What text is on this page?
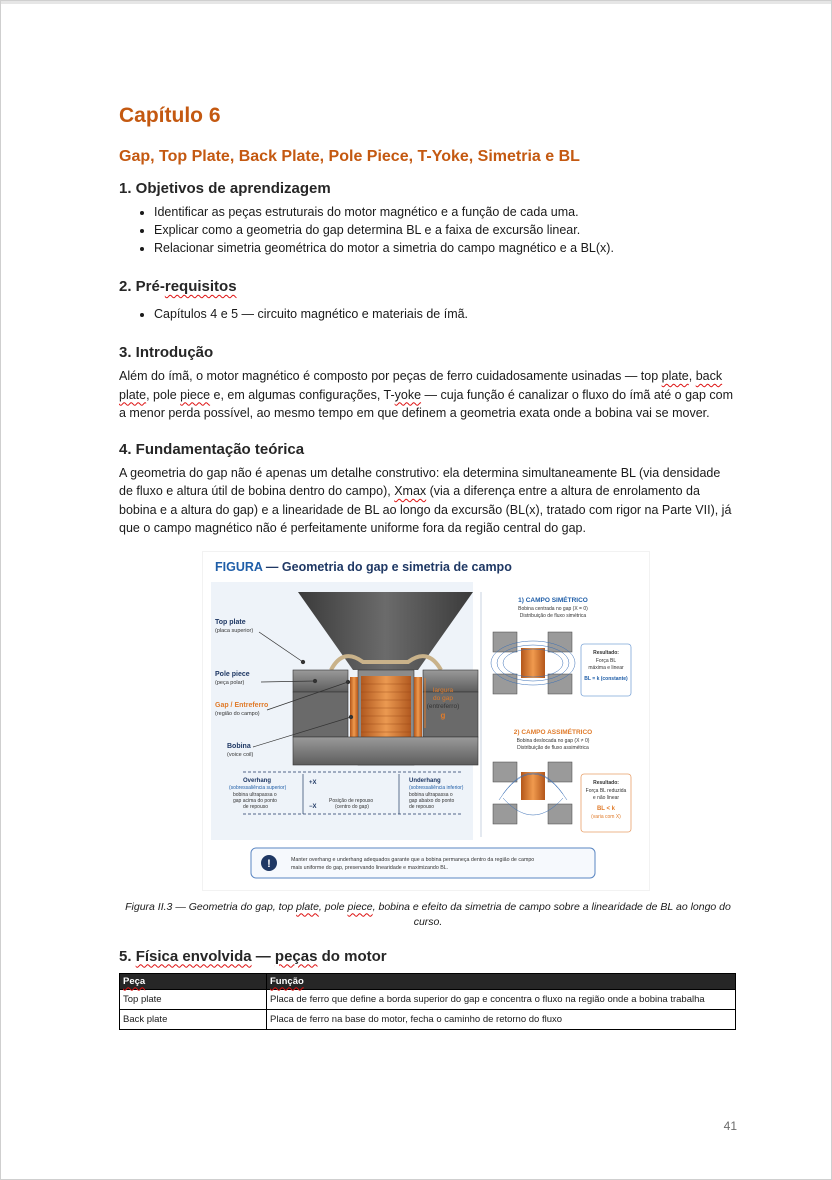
Capítulo 6
Gap, Top Plate, Back Plate, Pole Piece, T-Yoke, Simetria e BL
1. Objetivos de aprendizagem
• Identificar as peças estruturais do motor magnético e a função de cada uma.
• Explicar como a geometria do gap determina BL e a faixa de excursão linear.
• Relacionar simetria geométrica do motor a simetria do campo magnético e a BL(x).
2. Pré-requisitos
• Capítulos 4 e 5 — circuito magnético e materiais de ímã.
3. Introdução

Além do ímã, o motor magnético é composto por peças de ferro cuidadosamente usinadas — top plate, back plate, pole piece e, em algumas configurações, T-yoke — cuja função é canalizar o fluxo do ímã até o gap com a menor perda possível, ao mesmo tempo em que definem a geometria exata onde a bobina vai se mover.

4. Fundamentação teórica

A geometria do gap não é apenas um detalhe construtivo: ela determina simultaneamente BL (via densidade de fluxo e altura útil de bobina dentro do campo), Xmax (via a diferença entre a altura de enrolamento da bobina e a altura do gap) e a linearidade de BL ao longo da excursão (BL(x), tratado com rigor na Parte VII), já que o campo magnético não é perfeitamente uniforme fora da região central do gap.

FIGURA — Geometria do gap e simetria de campo
largura
do gap
(entreferro)
g
Top plate
Pole piece
Gap / Entreferro
Bobina
(placa superior)
(peça polar)
(região do campo)
(voice coil)
Overhang	Underhang
+X
−X
(sobressaliência superior)
bobina ultrapassa o
gap acima do ponto
de repouso
Posição de repouso
(centro do gap)
(sobressaliência inferior)
bobina ultrapassa o
gap abaixo do ponto
de repouso
1) CAMPO SIMÉTRICO
Bobina centrada no gap (X = 0)
Distribuição de fluxo simétrica
Resultado:
Força BL
máxima e linear
BL = k (constante)
2) CAMPO ASSIMÉTRICO
Bobina deslocada no gap (X ≠ 0)
Distribuição de fluxo assimétrica
Resultado:
Força BL reduzida
e não linear
BL < k
(varia com X)
!	Manter overhang e underhang adequados garante que a bobina permaneça dentro da região de campo
mais uniforme do gap, preservando linearidade e maximizando BL.

Figura II.3 — Geometria do gap, top plate, pole piece, bobina e efeito da simetria de campo sobre a linearidade de BL ao longo do curso.

5. Física envolvida — peças do motor
Peça	Função
Top plate	Placa de ferro que define a borda superior do gap e concentra o fluxo na região onde a bobina trabalha
Back plate	Placa de ferro na base do motor, fecha o caminho de retorno do fluxo
41
